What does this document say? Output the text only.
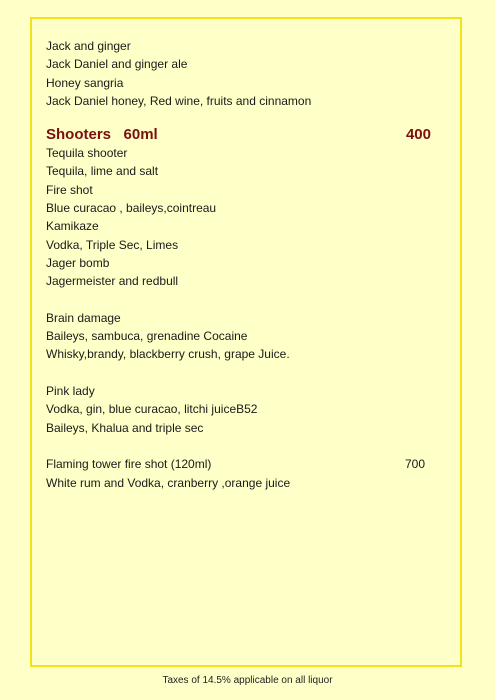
Jack and ginger
Jack Daniel and ginger ale
Honey sangria
Jack Daniel honey, Red wine, fruits and cinnamon
Shooters 60ml	400
Tequila shooter
Tequila, lime and salt
Fire shot
Blue curacao , baileys,cointreau
Kamikaze
Vodka, Triple Sec, Limes
Jager bomb
Jagermeister and redbull
Brain damage
Baileys, sambuca, grenadine Cocaine
Whisky,brandy, blackberry crush, grape Juice.
Pink lady
Vodka, gin, blue curacao, litchi juiceB52
Baileys, Khalua and triple sec
Flaming tower fire shot (120ml)	700
White rum and Vodka, cranberry ,orange juice
Taxes of 14.5% applicable on all liquor
